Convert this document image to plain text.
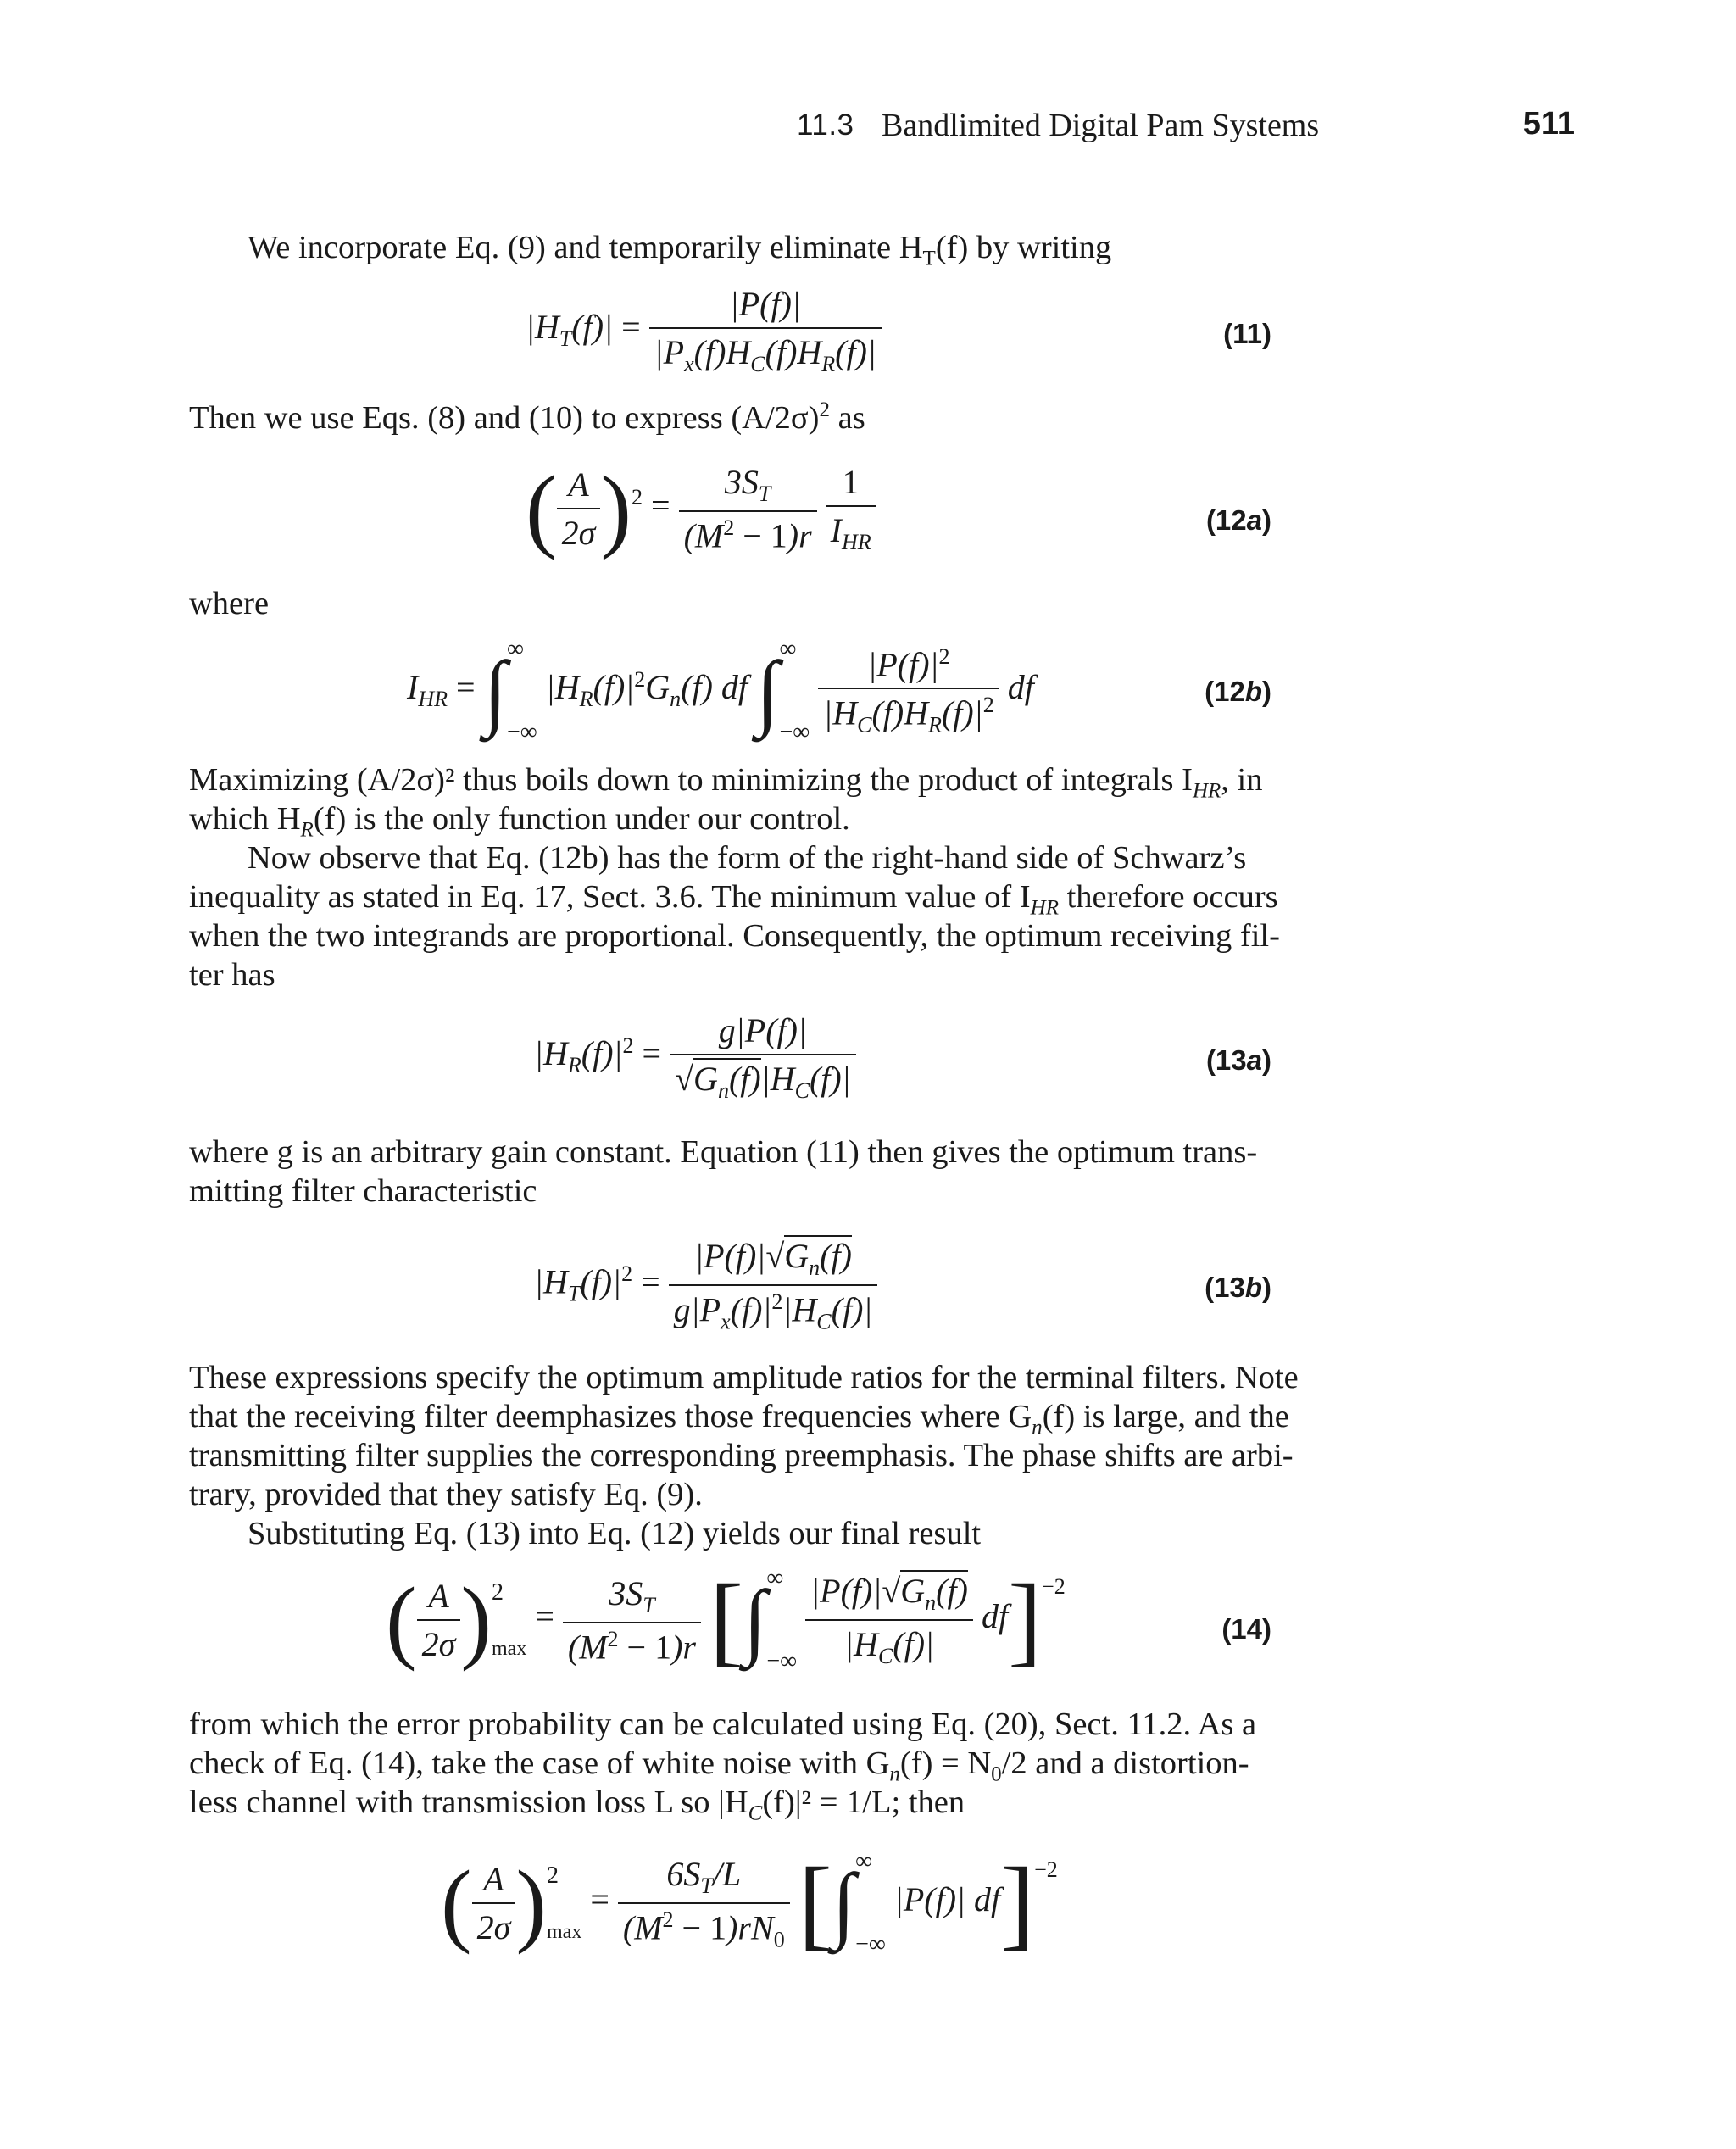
11.3 Bandlimited Digital Pam Systems	511
We incorporate Eq. (9) and temporarily eliminate $H_T(f)$ by writing
$|H_T(f)| = \frac{|P(f)|}{|P_x(f)H_C(f)H_R(f)|}$	(11)
Then we use Eqs. (8) and (10) to express $(A/2\sigma)^2$ as
( $\frac{A}{2\sigma} )^2 = \frac{3S_T}{(M^2 - 1)r}$
$\frac{1}{I_{HR}}$	(12a)
where
$I_{HR}$ = ∫ ∞
−∞
$|H_R(f)|^2G_n(f)$ df ∫ ∞
−∞
$\frac{|P(f)|^2}{|H_C(f)H_R(f)|^2}$ df	(12b)
Maximizing (A/2σ)² thus boils down to minimizing the product of integrals $I_{HR}$, in
which $H_R(f)$ is the only function under our control.
Now observe that Eq. (12b) has the form of the right-hand side of Schwarz’s
inequality as stated in Eq. 17, Sect. 3.6. The minimum value of $I_{HR}$ therefore occurs
when the two integrands are proportional. Consequently, the optimum receiving fil-
ter has
$|H_R(f)|^2 = \frac{g|P(f)|}{√G_n(f)|H_C(f)|}$	(13a)
where g is an arbitrary gain constant. Equation (11) then gives the optimum trans-
mitting filter characteristic
$|H_T(f)|^2 = \frac{|P(f)|√G_n(f)}{g|P_x(f)|^2|H_C(f)|}$	(13b)
These expressions specify the optimum amplitude ratios for the terminal filters. Note
that the receiving filter deemphasizes those frequencies where $G_n(f)$ is large, and the
transmitting filter supplies the corresponding preemphasis. The phase shifts are arbi-
trary, provided that they satisfy Eq. (9).
Substituting Eq. (13) into Eq. (12) yields our final result
( $\frac{A}{2\sigma}$ ) 2
max
= $\frac{3S_T}{(M^2 - 1)r}$ [∫ ∞
−∞
$\frac{|P(f)|√G_n(f)}{|H_C(f)|} df]^{-2}$
(14)
from which the error probability can be calculated using Eq. (20), Sect. 11.2. As a
check of Eq. (14), take the case of white noise with $G_n(f) = N_0/2$ and a distortion-
less channel with transmission loss L so $|H_C(f)|^2 = 1/L$; then
( $\frac{A}{2\sigma}$ ) 2
max
= $\frac{6S_T/L}{(M^2 - 1)rN_0}$ [∫ ∞
−∞
|P(f)| df]$^{-2}$
